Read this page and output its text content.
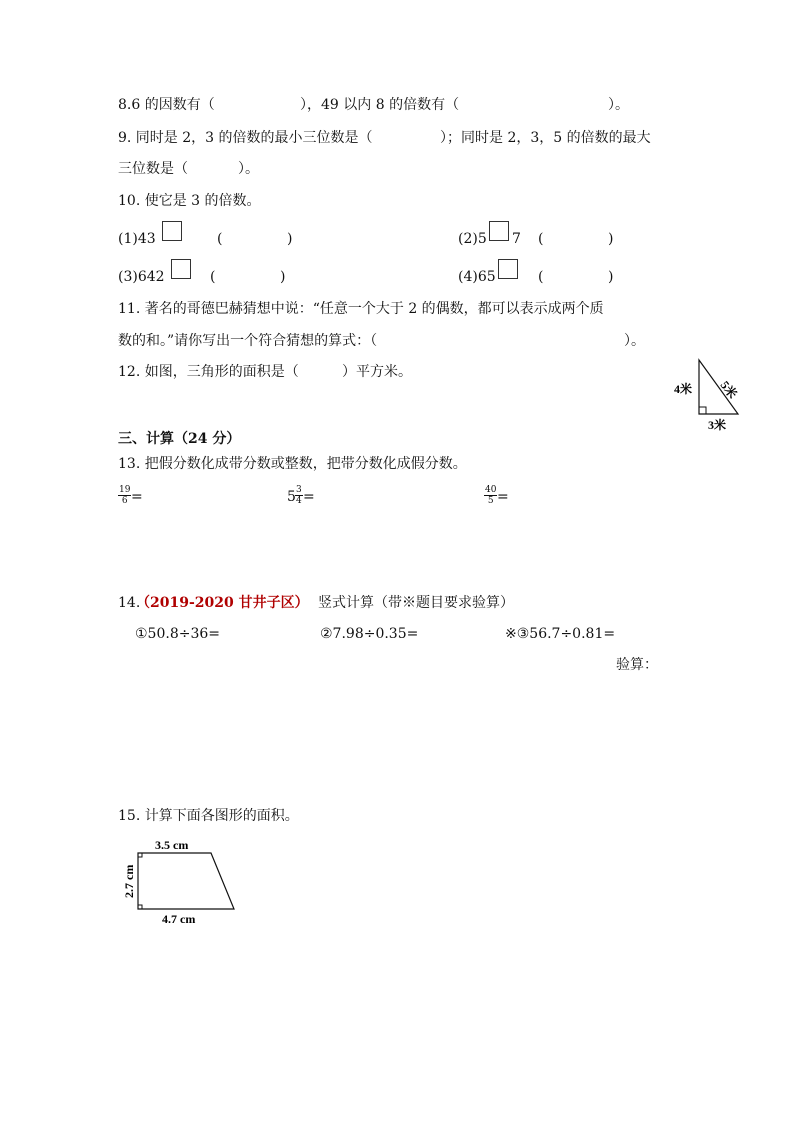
8.6 的因数有（	），49 以内 8 的倍数有（	）。
9. 同时是 2，3 的倍数的最小三位数是（	）；同时是 2，3，5 的倍数的最大
三位数是（	）。
10. 使它是 3 的倍数。
(1)43	(	)	(2)5 7 (	)
(3)642	(	)	(4)65	(	)
11. 著名的哥德巴赫猜想中说：“任意一个大于 2 的偶数，都可以表示成两个质
数的和。”请你写出一个符合猜想的算式：（	）。
12. 如图，三角形的面积是（	）平方米。
4米 5米
3米
三、计算（24 分）
13. 把假分数化成带分数或整数，把带分数化成假分数。
$\frac{19}{6}$ =	$5 \frac{3}{4}$ =	$\frac{40}{5}$ =
14.
（2019-2020 甘井子区） 竖式计算（带※题目要求验算）
①50.8÷36=	②7.98÷0.35=	※③56.7÷0.81=
验算：
15. 计算下面各图形的面积。
3.5 cm
2.7 cm
4.7 cm
